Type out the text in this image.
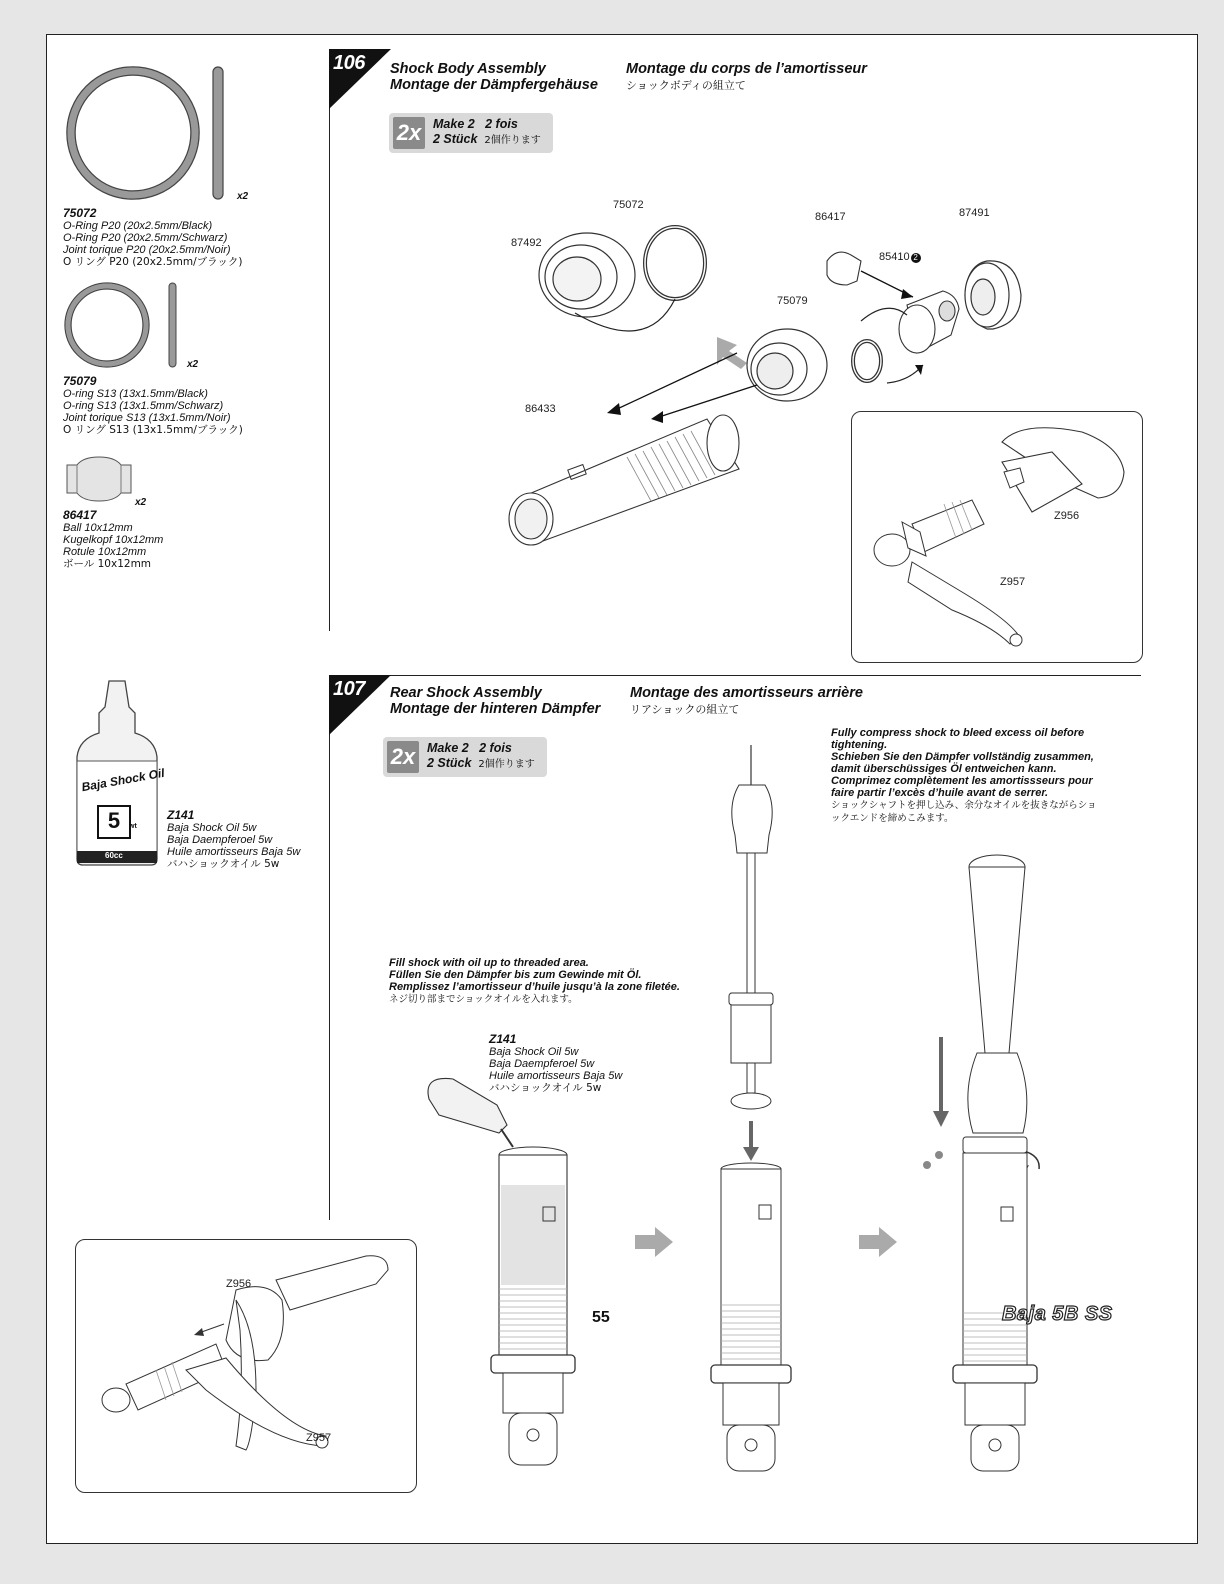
x2
75072
O-Ring P20 (20x2.5mm/Black)
O-Ring P20 (20x2.5mm/Schwarz)
Joint torique P20 (20x2.5mm/Noir)
O リング P20 (20x2.5mm/ブラック)
x2
75079
O-ring S13 (13x1.5mm/Black)
O-ring S13 (13x1.5mm/Schwarz)
Joint torique S13 (13x1.5mm/Noir)
O リング S13 (13x1.5mm/ブラック)
x2
86417
Ball 10x12mm
Kugelkopf 10x12mm
Rotule 10x12mm
ボール 10x12mm
Baja Shock Oil
5	wt
60cc
Z141
Baja Shock Oil 5w
Baja Daempferoel 5w
Huile amortisseurs Baja 5w
バハショックオイル 5w
106 Shock Body Assembly
Montage der Dämpfergehäuse
Montage du corps de l’amortisseur
ショックボディの組立て
2x Make 2 2 fois
2 Stück 2個作ります
75072
87492
86417	87491
85410 2
75079
86433
Z956
Z957
107 Rear Shock Assembly
Montage der hinteren Dämpfer
Montage des amortisseurs arrière
リアショックの組立て
2x Make 2 2 fois
2 Stück 2個作ります
Fully compress shock to bleed excess oil before
tightening.
Schieben Sie den Dämpfer vollständig zusammen,
damit überschüssiges Öl entweichen kann.
Comprimez complètement les amortissseurs pour
faire partir l’excès d’huile avant de serrer.
ショックシャフトを押し込み、余分なオイルを抜きながらショ
ックエンドを締めこみます。
Fill shock with oil up to threaded area.
Füllen Sie den Dämpfer bis zum Gewinde mit Öl.
Remplissez l’amortisseur d’huile jusqu’à la zone filetée.
ネジ切り部までショックオイルを入れます。
Z141
Baja Shock Oil 5w
Baja Daempferoel 5w
Huile amortisseurs Baja 5w
バハショックオイル 5w
Z956
Z957
55	Baja 5B SS
